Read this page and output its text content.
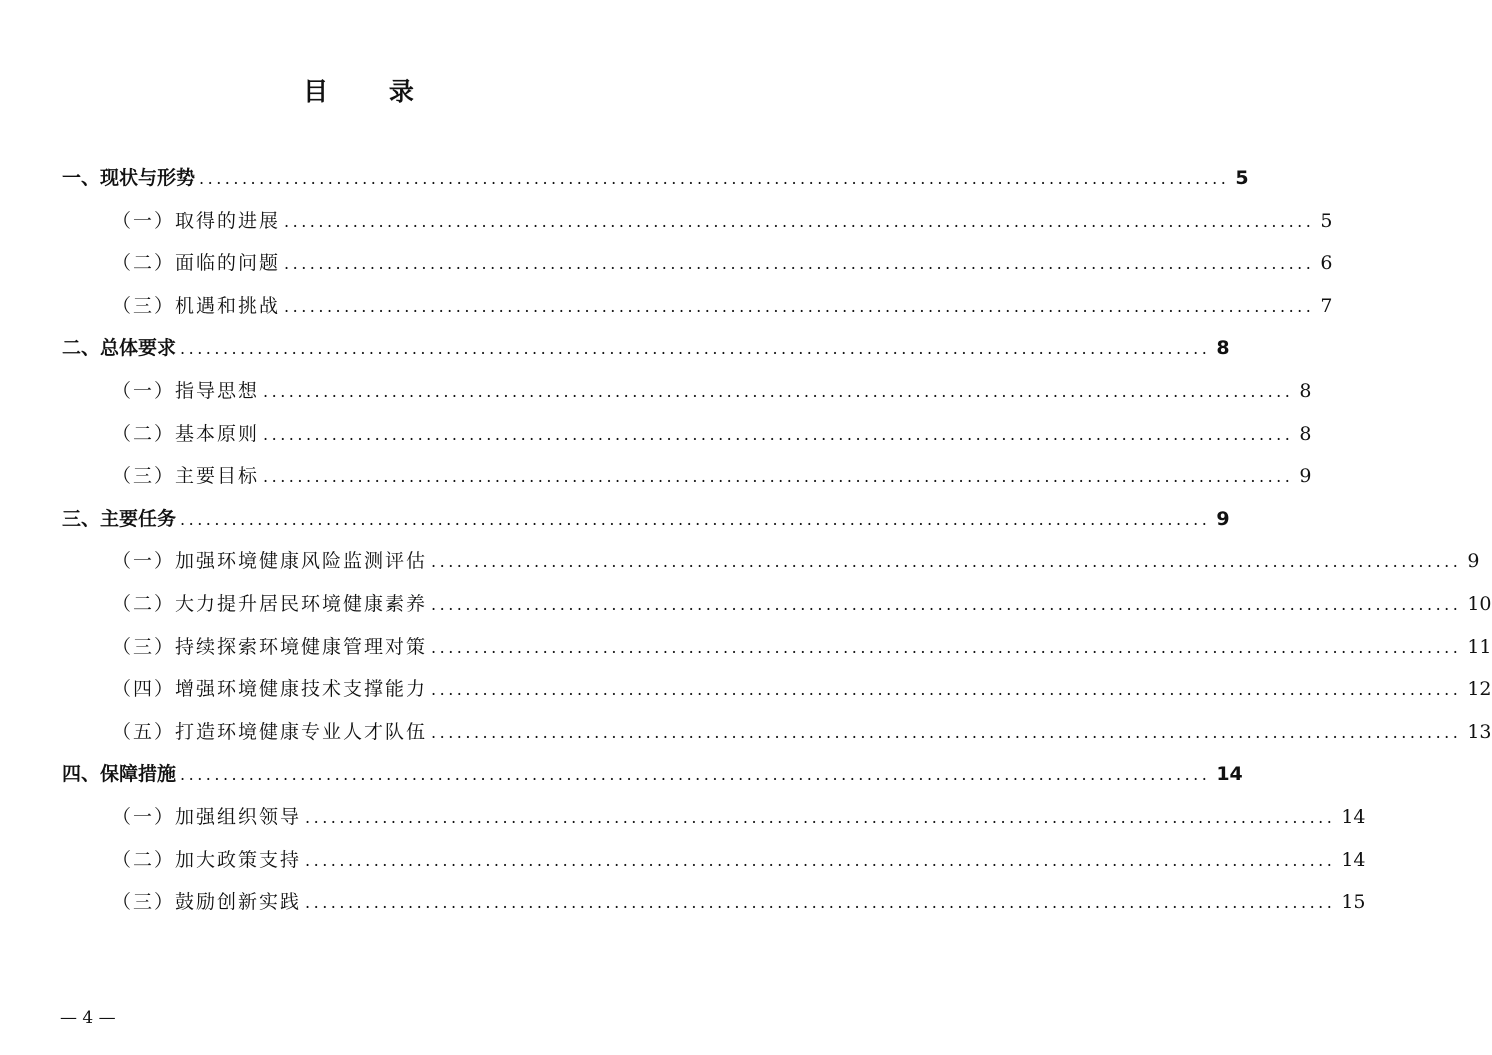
目 录
一、现状与形势 ........................................................................................................................ 5
（一）取得的进展 ........................................................................................................................ 5
（二）面临的问题 ........................................................................................................................ 6
（三）机遇和挑战 ........................................................................................................................ 7
二、总体要求 ........................................................................................................................ 8
（一）指导思想 ........................................................................................................................ 8
（二）基本原则 ........................................................................................................................ 8
（三）主要目标 ........................................................................................................................ 9
三、主要任务 ........................................................................................................................ 9
（一）加强环境健康风险监测评估 ........................................................................................................................ 9
（二）大力提升居民环境健康素养 ........................................................................................................................ 10
（三）持续探索环境健康管理对策 ........................................................................................................................ 11
（四）增强环境健康技术支撑能力 ........................................................................................................................ 12
（五）打造环境健康专业人才队伍 ........................................................................................................................ 13
四、保障措施 ........................................................................................................................ 14
（一）加强组织领导 ........................................................................................................................ 14
（二）加大政策支持 ........................................................................................................................ 14
（三）鼓励创新实践 ........................................................................................................................ 15
— 4 —
